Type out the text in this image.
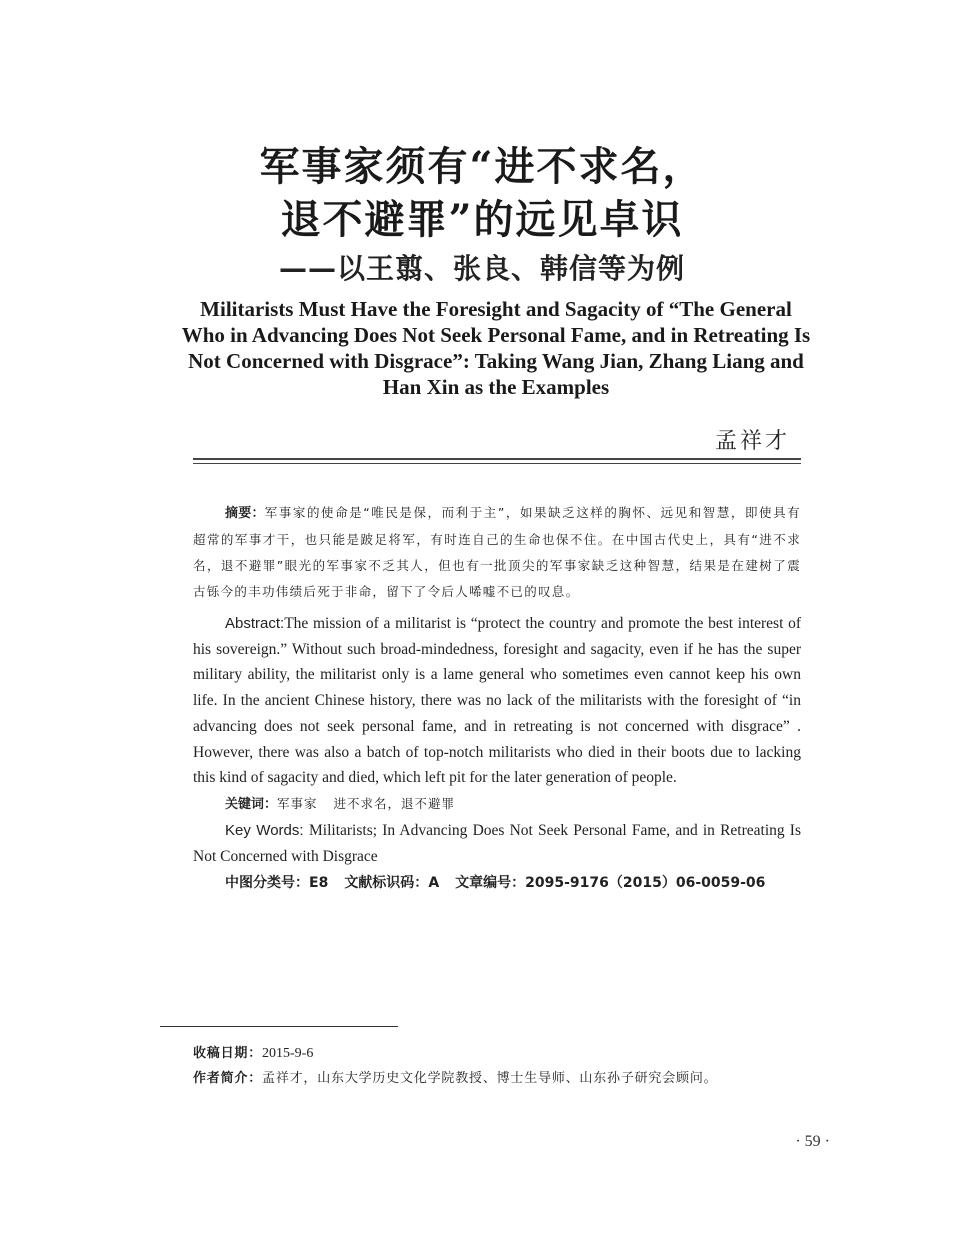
军事家须有“进不求名，
退不避罪”的远见卓识
——以王翦、张良、韩信等为例
Militarists Must Have the Foresight and Sagacity of “The General Who in Advancing Does Not Seek Personal Fame, and in Retreating Is Not Concerned with Disgrace”: Taking Wang Jian, Zhang Liang and Han Xin as the Examples
孟祥才

摘要：军事家的使命是“唯民是保，而利于主”，如果缺乏这样的胸怀、远见和智慧，即使具有超常的军事才干，也只能是跛足将军，有时连自己的生命也保不住。在中国古代史上，具有“进不求名，退不避罪”眼光的军事家不乏其人，但也有一批顶尖的军事家缺乏这种智慧，结果是在建树了震古铄今的丰功伟绩后死于非命，留下了令后人唏嘘不已的叹息。

Abstract:The mission of a militarist is “protect the country and promote the best interest of his sovereign.” Without such broad-mindedness, foresight and sagacity, even if he has the super military ability, the militarist only is a lame general who sometimes even cannot keep his own life. In the ancient Chinese history, there was no lack of the militarists with the foresight of “in advancing does not seek personal fame, and in retreating is not concerned with disgrace” . However, there was also a batch of top-notch militarists who died in their boots due to lacking this kind of sagacity and died, which left pit for the later generation of people.

关键词：军事家 进不求名，退不避罪

Key Words: Militarists; In Advancing Does Not Seek Personal Fame, and in Retreating Is Not Concerned with Disgrace

中图分类号：E8 文献标识码：A 文章编号：2095-9176（2015）06-0059-06

收稿日期：2015-9-6

作者简介：孟祥才，山东大学历史文化学院教授、博士生导师、山东孙子研究会顾问。

· 59 ·
